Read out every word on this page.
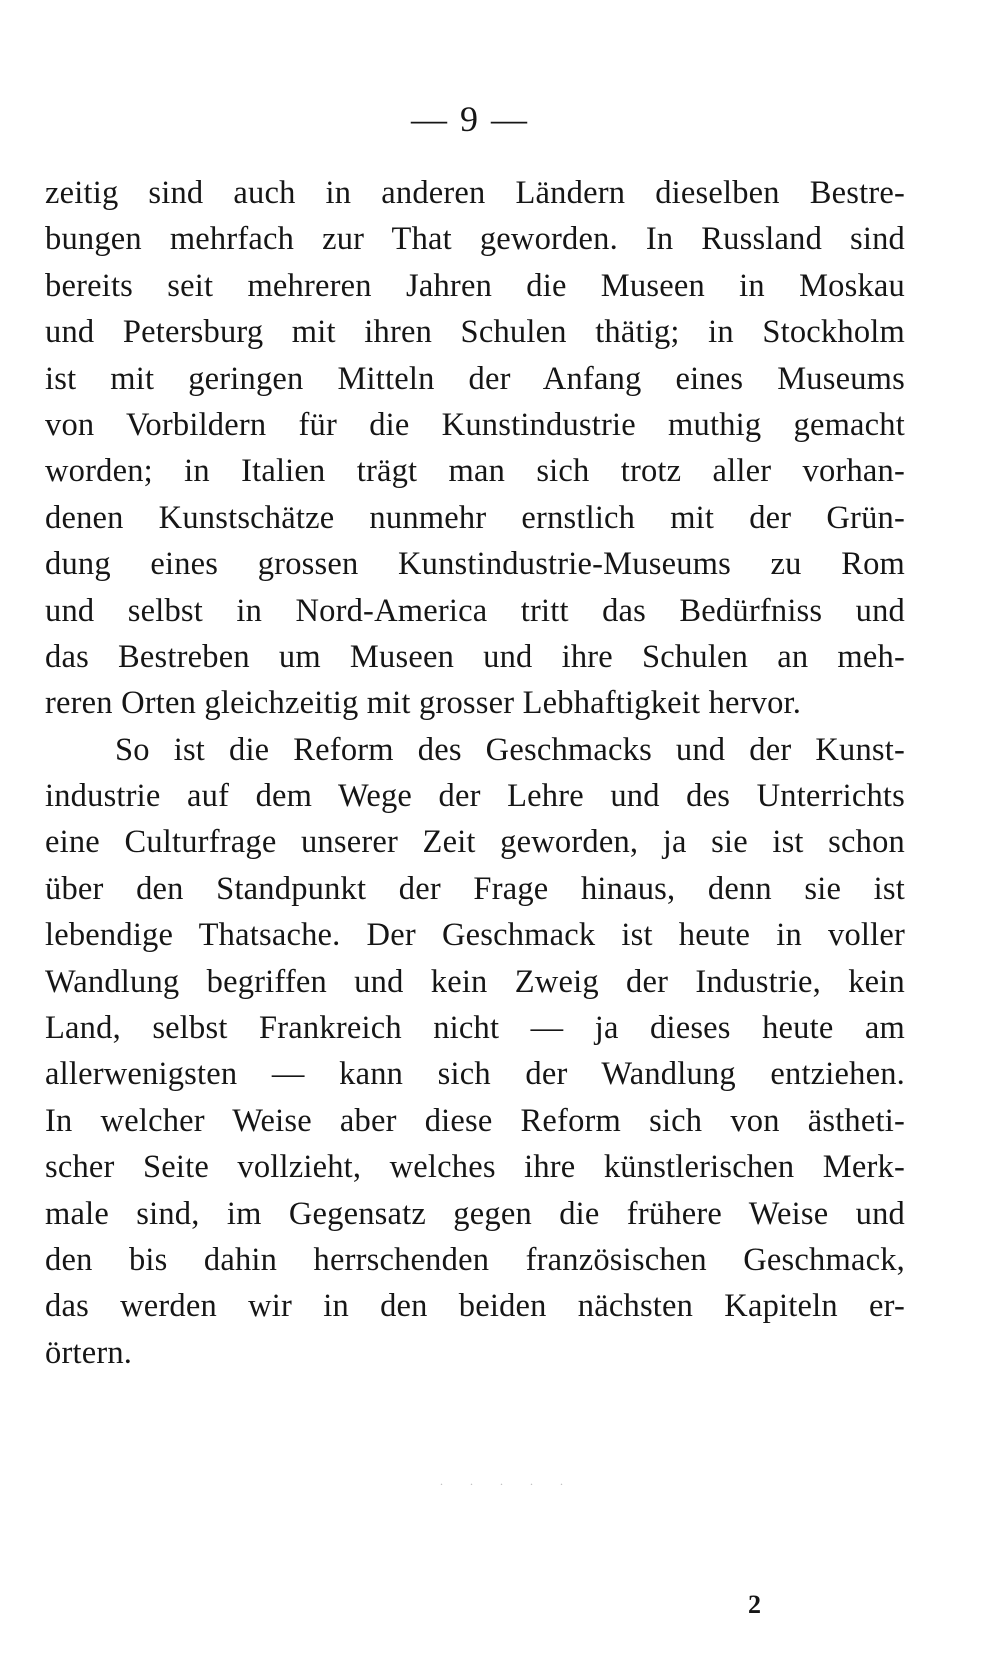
— 9 —
zeitig sind auch in anderen Ländern dieselben Bestre-
bungen mehrfach zur That geworden. In Russland sind
bereits seit mehreren Jahren die Museen in Moskau
und Petersburg mit ihren Schulen thätig; in Stockholm
ist mit geringen Mitteln der Anfang eines Museums
von Vorbildern für die Kunstindustrie muthig gemacht
worden; in Italien trägt man sich trotz aller vorhan-
denen Kunstschätze nunmehr ernstlich mit der Grün-
dung eines grossen Kunstindustrie-Museums zu Rom
und selbst in Nord-America tritt das Bedürfniss und
das Bestreben um Museen und ihre Schulen an meh-
reren Orten gleichzeitig mit grosser Lebhaftigkeit hervor.
So ist die Reform des Geschmacks und der Kunst-
industrie auf dem Wege der Lehre und des Unterrichts
eine Culturfrage unserer Zeit geworden, ja sie ist schon
über den Standpunkt der Frage hinaus, denn sie ist
lebendige Thatsache. Der Geschmack ist heute in voller
Wandlung begriffen und kein Zweig der Industrie, kein
Land, selbst Frankreich nicht — ja dieses heute am
allerwenigsten — kann sich der Wandlung entziehen.
In welcher Weise aber diese Reform sich von ästheti-
scher Seite vollzieht, welches ihre künstlerischen Merk-
male sind, im Gegensatz gegen die frühere Weise und
den bis dahin herrschenden französischen Geschmack,
das werden wir in den beiden nächsten Kapiteln er-
örtern.
. . . . .
2
